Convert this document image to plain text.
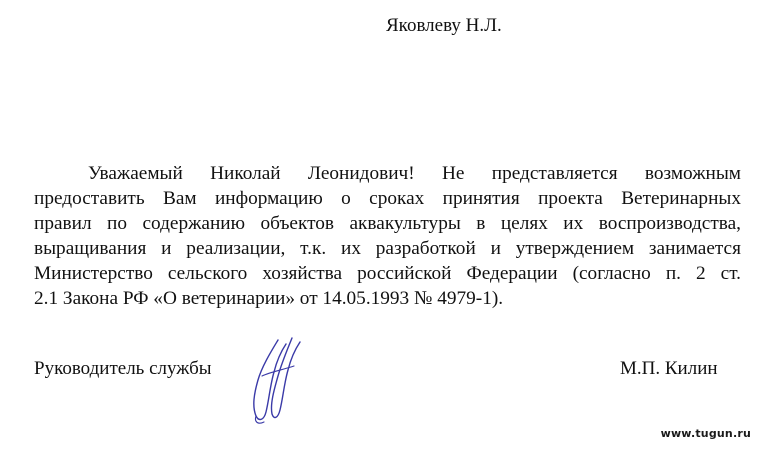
Яковлеву Н.Л.
Уважаемый Николай Леонидович! Не представляется возможным
предоставить Вам информацию о сроках принятия проекта Ветеринарных
правил по содержанию объектов аквакультуры в целях их воспроизводства,
выращивания и реализации, т.к. их разработкой и утверждением занимается
Министерство сельского хозяйства российской Федерации (согласно п. 2 ст.
2.1 Закона РФ «О ветеринарии» от 14.05.1993 № 4979-1).
Руководитель службы	М.П. Килин
www.tugun.ru
